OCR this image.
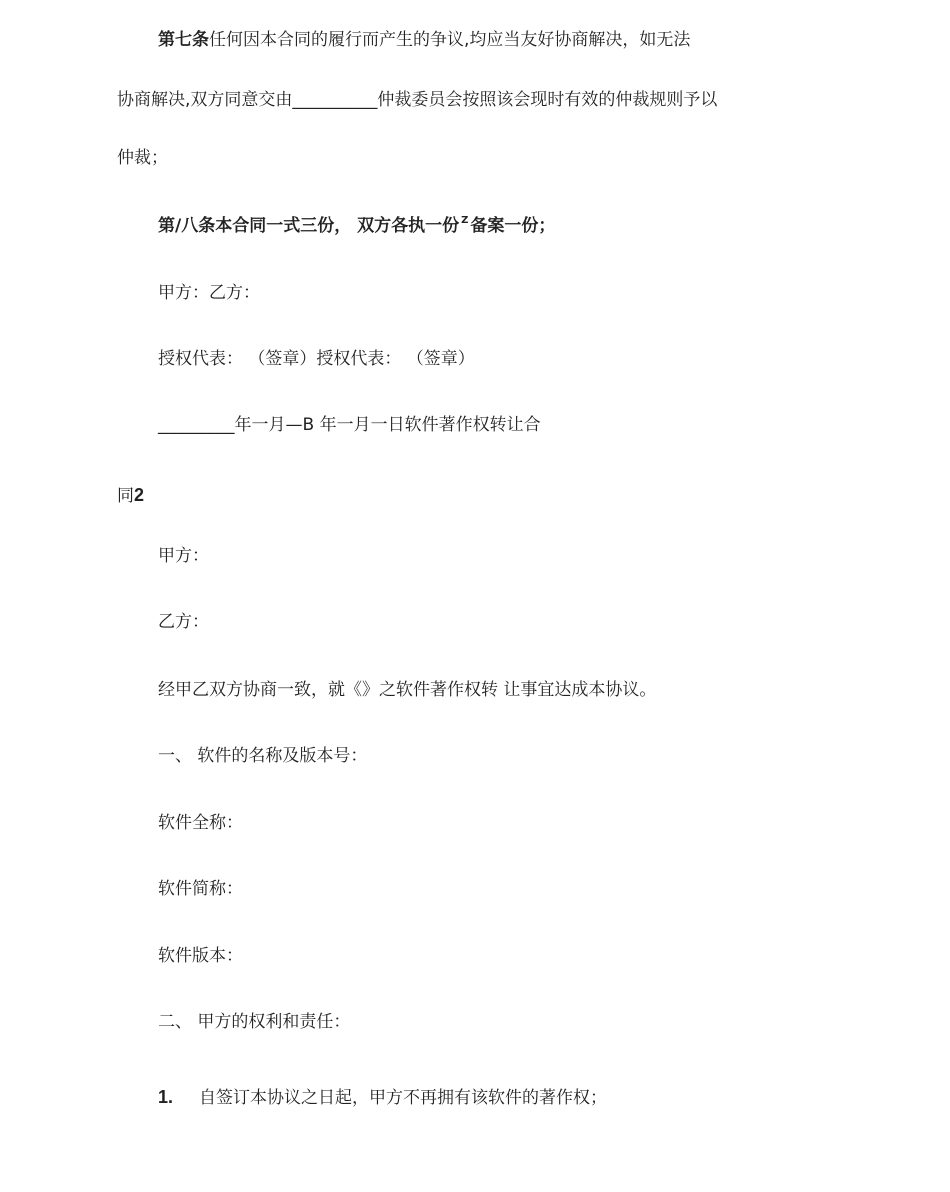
第七条任何因本合同的履行而产生的争议,均应当友好协商解决，如无法
协商解决,双方同意交由__________仲裁委员会按照该会现时有效的仲裁规则予以
仲裁；
第/八条本合同一式三份， 双方各执一份 $^Z$ 备案一份；
甲方：乙方：
授权代表： （签章）授权代表： （签章）
_________年一月—B 年一月一日软件著作权转让合
同2
甲方：
乙方：
经甲乙双方协商一致，就《》之软件著作权转 让事宜达成本协议。
一、 软件的名称及版本号：
软件全称：
软件简称：
软件版本：
二、 甲方的权利和责任：
1. 自签订本协议之日起，甲方不再拥有该软件的著作权；
